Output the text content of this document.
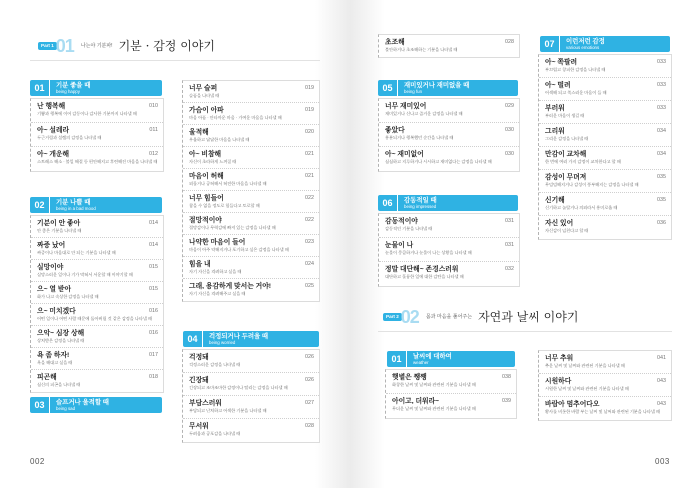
Part 1 01 나는야 기분파! 기분 · 감정 이야기
01	기분 좋을 때
being happy
난 행복해	010
기쁨과 행복에 이어 감동이나 감사한 기분까지 나타낼 때
아~ 설레라	011
두근거림과 설렘의 감정을 나타낼 때
아~ 개운해	012
스트레스 해소 · 볼일 해결 등 편안해지고 후련해진 마음을 나타낼 때
02	기분 나쁠 때
being in a bad mood
기분이 안 좋아	014
안 좋은 기분을 나타낼 때
짜증 났어	014
짜증이나 마음대로 안 되는 기분을 나타낼 때
실망이야	015
실망스러운 일이나 기가 막혀서 서운할 때 이야기할 때
으~ 열 받아	015
화가 나고 속상한 감정을 나타낼 때
으~ 미치겠다	016
어떤 일이나 어떤 사람 때문에 돌아버릴 것 같은 감정을 나타낼 때
으악~ 심장 상해	016
상처받은 감정을 나타낼 때
욕 좀 하자!	017
욕을 해대고 싶을 때
피곤해	018
심신의 피곤을 나타낼 때
03	슬프거나 울적할 때
being sad
너무 슬퍼	019
슬픔을 나타낼 때
가슴이 아파	019
마음 아픔 · 안타까운 마음 · 가여운 마음을 나타낼 때
울적해	020
우울하고 답답한 마음을 나타낼 때
아~ 비참해	021
자신이 초라하게 느껴질 때
마음이 허해	021
외롭거나 공허해서 허전한 마음을 나타낼 때
너무 힘들어	022
참을 수 없을 정도로 힘들다고 토로할 때
절망적이야	022
절망감이나 무력감에 빠져 있는 감정을 나타낼 때
나약한 마음이 들어	023
마음이 아주 약해지거나 포기하고 싶은 감정을 나타낼 때
힘을 내	024
자기 자신을 격려하고 싶을 때
그래, 용감하게 맞서는 거야!	025
자기 자신을 격려해주고 싶을 때
04	걱정되거나 두려울 때
being worried
걱정돼	026
걱정스러운 감정을 나타낼 때
긴장돼	026
긴장되고 조마조마한 감정이나 떨리는 감정을 나타낼 때
부담스러워	027
부담되고 난처하고 어색한 기분을 나타낼 때
무서워	028
두려움과 공포감을 나타낼 때
002
초조해	028
불안하거나 초조해하는 기분을 나타낼 때
05	재미있거나 재미없을 때
being fun
너무 재미있어	029
재미있거나 신나고 즐거운 감정을 나타낼 때
좋았다	030
흥분되거나 행복했던 순간을 나타낼 때
아~ 재미없어	030
심심하고 지루하거나 시시하고 재미없다는 감정을 나타낼 때
06	감동적일 때
being impressed
감동적이야	031
감동적인 기분을 나타낼 때
눈물이 나	031
눈물이 뭉클하거나 눈물이 나는 상황을 나타낼 때
정말 대단해~ 존경스러워	032
대단하고 훌륭한 일에 대한 감탄을 나타낼 때
07	이런저런 감정
various emotions
아~ 쪽팔려	033
부끄럽고 창피한 감정을 나타낼 때
아~ 떨려	033
어색해 되고 쑥스러운 마음이 들 때
부러워	033
부러운 마음이 생길 때
그리워	034
그리운 감정을 나타낼 때
만감이 교차해	034
한 번에 여러 가지 감정이 교차한다고 할 때
감성이 무뎌져	035
무덤덤해지거나 감성이 풍부해지는 감정을 나타낼 때
신기해	035
신기하고 놀랍거나 의외라서 흥미로울 때
자신 있어	036
자신감이 넘친다고 할 때
Part 2 02 몸과 마음을 풀어주는 자연과 날씨 이야기
01	날씨에 대하여
weather
햇볕은 쨍쨍	038
화창한 날씨 및 날씨와 관련된 기분을 나타낼 때
아이고, 더워라~	039
무더운 날씨 및 날씨와 관련된 기분을 나타낼 때
너무 추워	041
추운 날씨 및 날씨와 관련된 기분을 나타낼 때
시원하다	043
시원한 날씨 및 날씨와 관련된 기분을 나타낼 때
바람아 멈추어다오	043
황사를 비롯한 바람 부는 날씨 및 날씨와 관련된 기분을 나타낼 때
003
